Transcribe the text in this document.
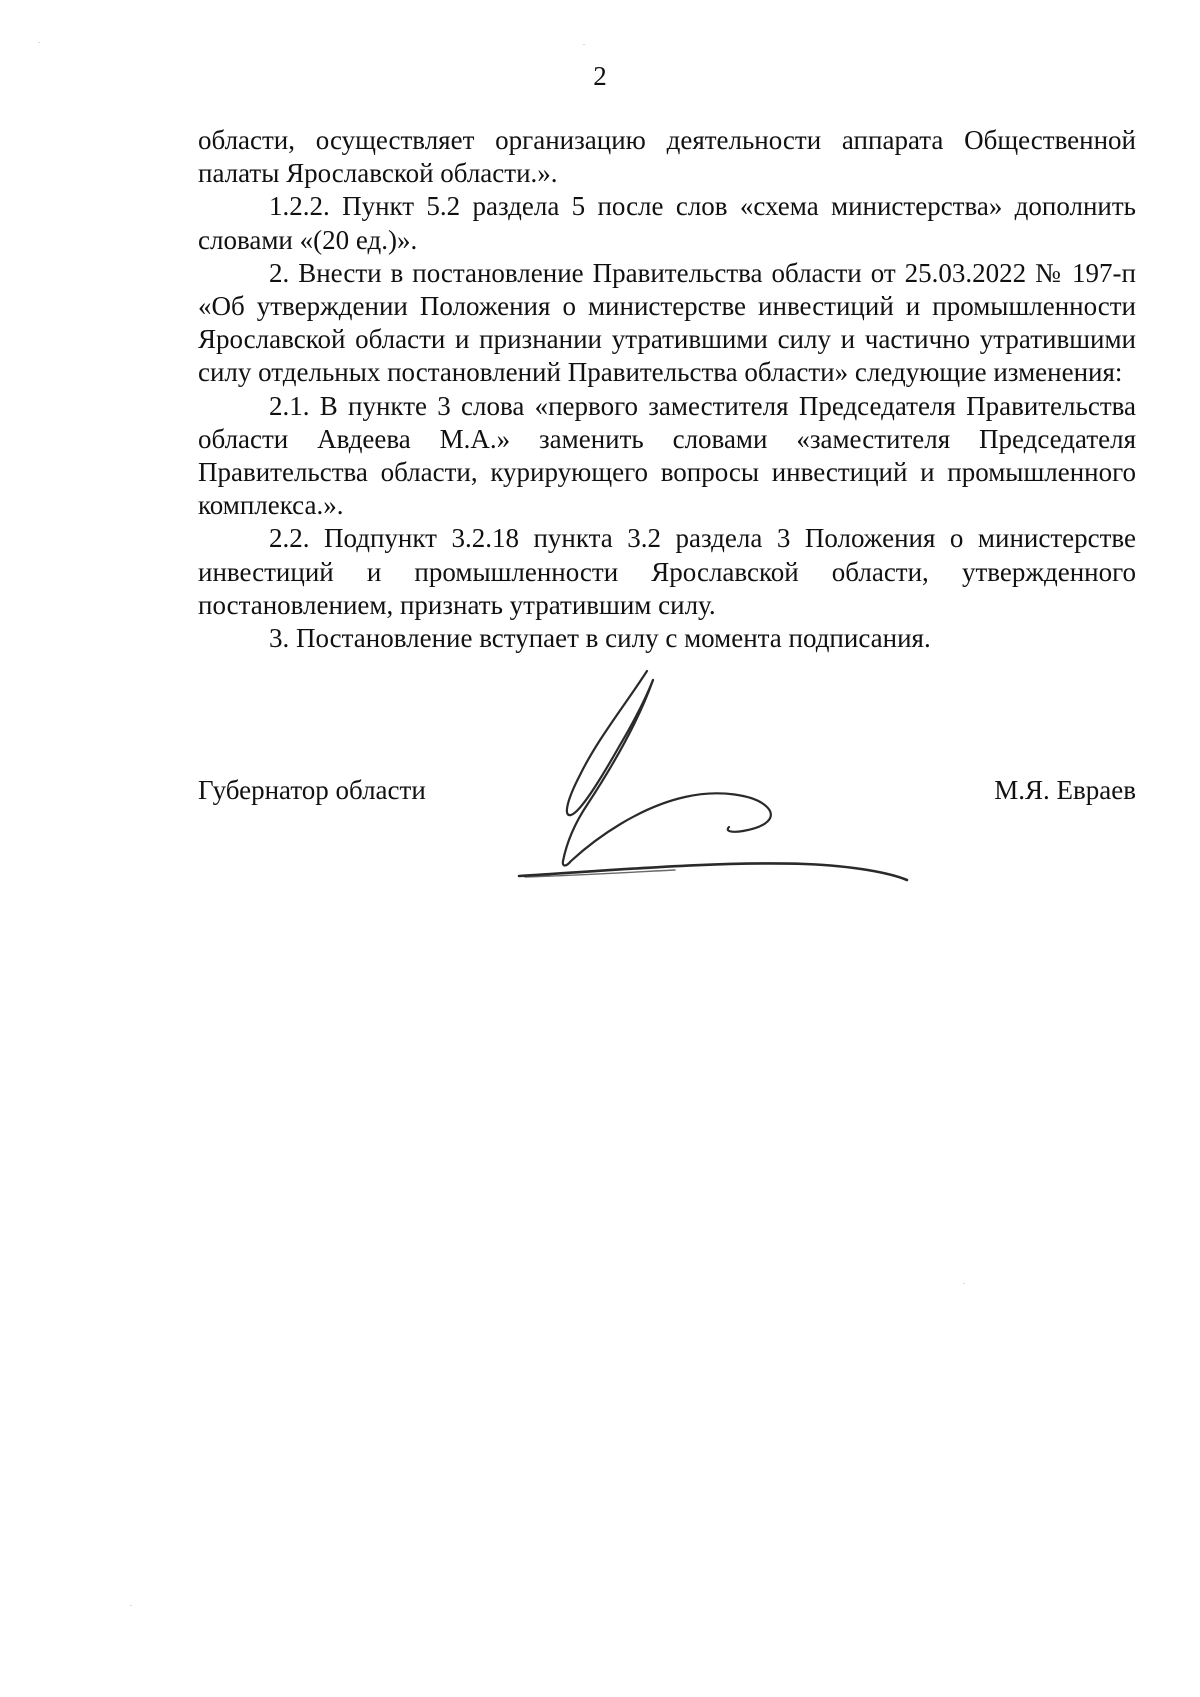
2

области, осуществляет организацию деятельности аппарата Общественной палаты Ярославской области.».

1.2.2. Пункт 5.2 раздела 5 после слов «схема министерства» дополнить словами «(20 ед.)».

2. Внести в постановление Правительства области от 25.03.2022 № 197-п «Об утверждении Положения о министерстве инвестиций и промышленности Ярославской области и признании утратившими силу и частично утратившими силу отдельных постановлений Правительства области» следующие изменения:

2.1. В пункте 3 слова «первого заместителя Председателя Правительства области Авдеева М.А.» заменить словами «заместителя Председателя Правительства области, курирующего вопросы инвестиций и промышленного комплекса.».

2.2. Подпункт 3.2.18 пункта 3.2 раздела 3 Положения о министерстве инвестиций и промышленности Ярославской области, утвержденного постановлением, признать утратившим силу.

3. Постановление вступает в силу с момента подписания.

Губернатор области	М.Я. Евраев
